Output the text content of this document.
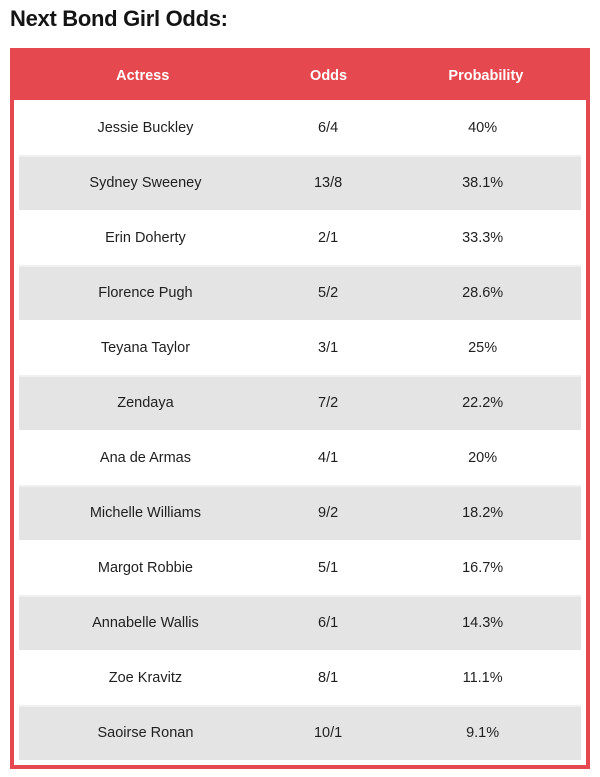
Next Bond Girl Odds:
Actress	Odds	Probability
Jessie Buckley	6/4	40%
Sydney Sweeney	13/8	38.1%
Erin Doherty	2/1	33.3%
Florence Pugh	5/2	28.6%
Teyana Taylor	3/1	25%
Zendaya	7/2	22.2%
Ana de Armas	4/1	20%
Michelle Williams	9/2	18.2%
Margot Robbie	5/1	16.7%
Annabelle Wallis	6/1	14.3%
Zoe Kravitz	8/1	11.1%
Saoirse Ronan	10/1	9.1%
